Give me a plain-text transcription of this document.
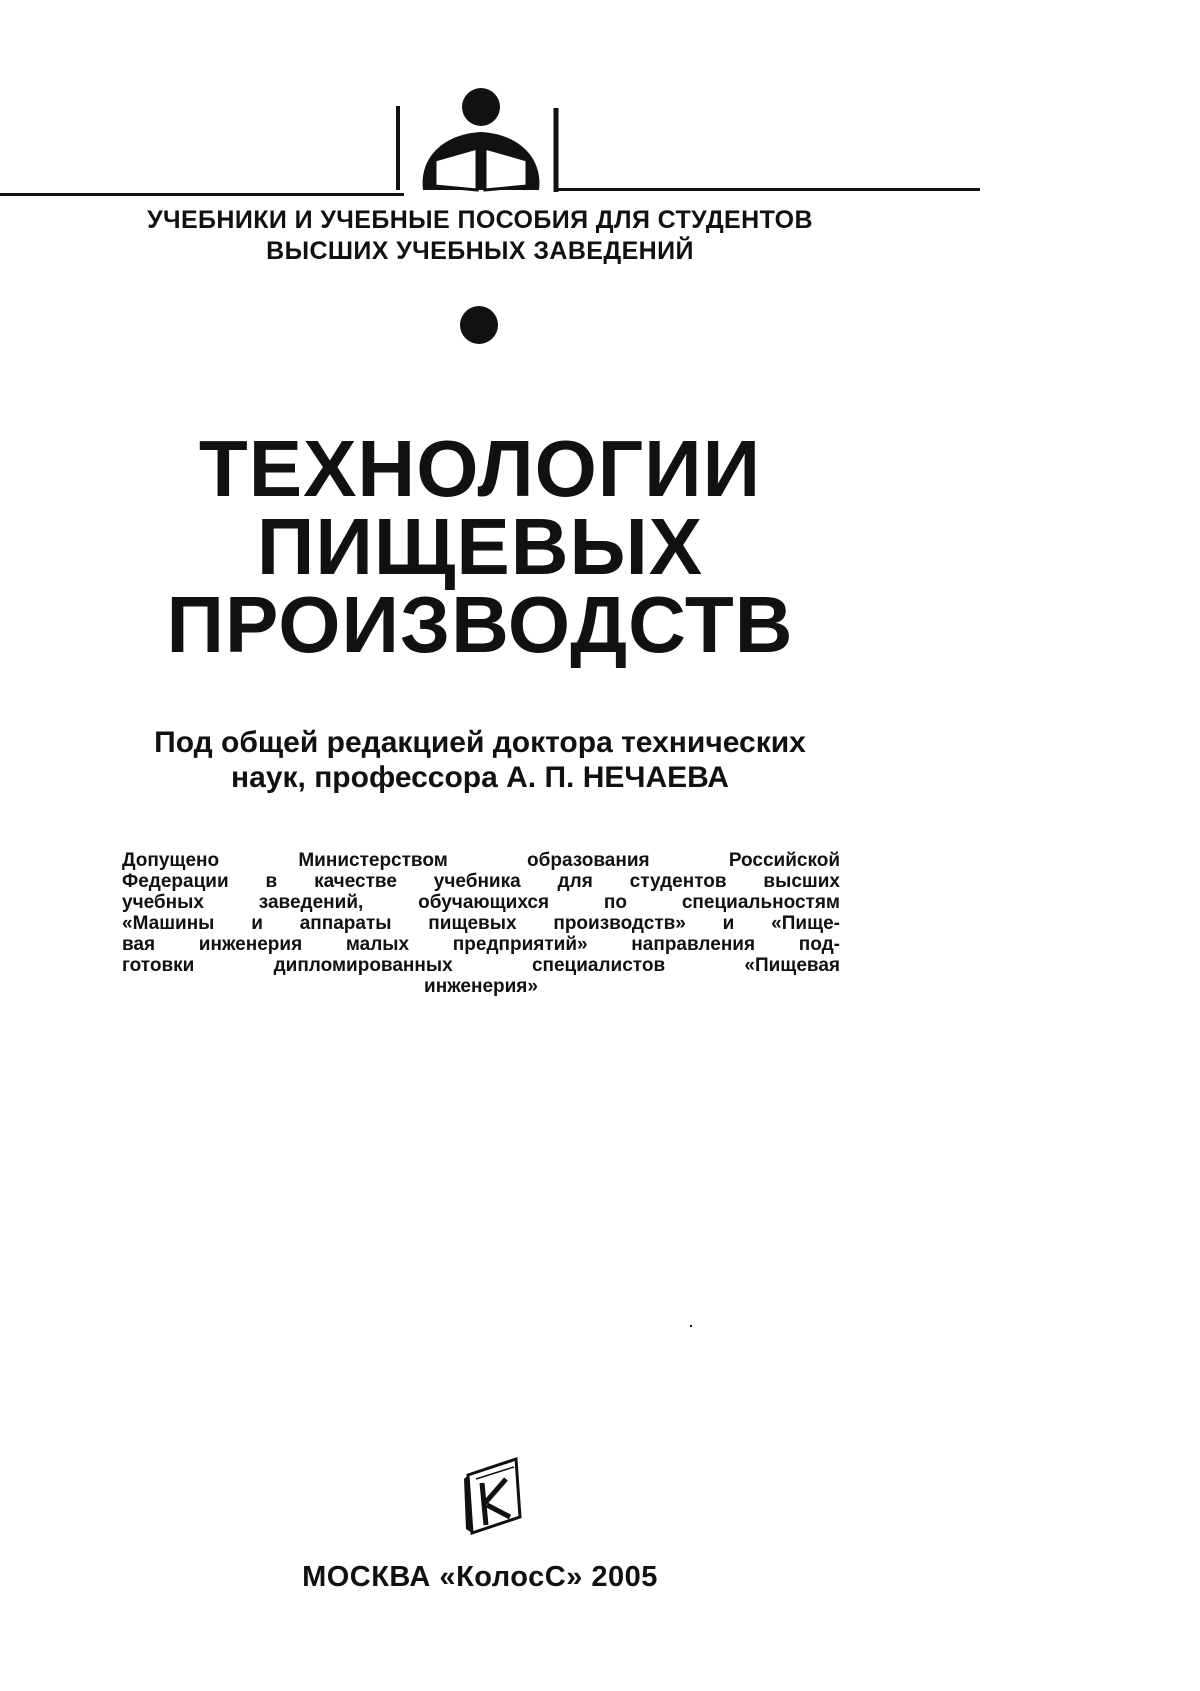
УЧЕБНИКИ И УЧЕБНЫЕ ПОСОБИЯ ДЛЯ СТУДЕНТОВ
ВЫСШИХ УЧЕБНЫХ ЗАВЕДЕНИЙ
ТЕХНОЛОГИИ
ПИЩЕВЫХ
ПРОИЗВОДСТВ
Под общей редакцией доктора технических
наук, профессора А. П. НЕЧАЕВА
Допущено Министерством образования Российской
Федерации в качестве учебника для студентов высших
учебных заведений, обучающихся по специальностям
«Машины и аппараты пищевых производств» и «Пище-
вая инженерия малых предприятий» направления под-
готовки дипломированных специалистов «Пищевая
инженерия»
МОСКВА «КолосС» 2005
